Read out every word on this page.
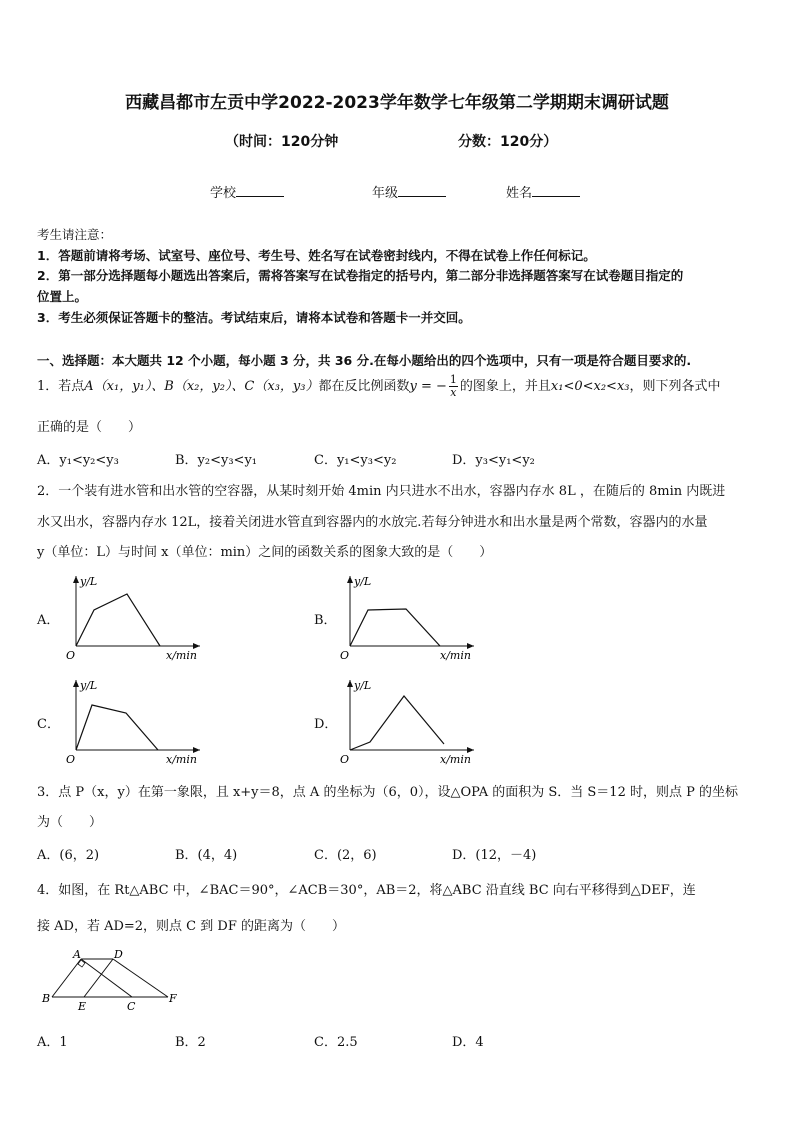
西藏昌都市左贡中学2022-2023学年数学七年级第二学期期末调研试题
（时间：120分钟	分数：120分）
学校	年级	姓名
考生请注意：
1．答题前请将考场、试室号、座位号、考生号、姓名写在试卷密封线内，不得在试卷上作任何标记。
2．第一部分选择题每小题选出答案后，需将答案写在试卷指定的括号内，第二部分非选择题答案写在试卷题目指定的
位置上。
3．考生必须保证答题卡的整洁。考试结束后，请将本试卷和答题卡一并交回。
一、选择题：本大题共 12 个小题，每小题 3 分，共 36 分.在每小题给出的四个选项中，只有一项是符合题目要求的.
1．若点A（x₁，y₁）、B（x₂，y₂）、C（x₃，y₃）都在反比例函数y = − $\frac{1}{x}$ 的图象上，并且x₁<0<x₂<x₃，则下列各式中
正确的是（　　）
A．y₁<y₂<y₃	B．y₂<y₃<y₁	C．y₁<y₃<y₂	D．y₃<y₁<y₂
2．一个装有进水管和出水管的空容器，从某时刻开始 4min 内只进水不出水，容器内存水 8L ，在随后的 8min 内既进
水又出水，容器内存水 12L，接着关闭进水管直到容器内的水放完.若每分钟进水和出水量是两个常数，容器内的水量
y（单位：L）与时间 x（单位：min）之间的函数关系的图象大致的是（　　）
A．	B．
C．	D．
y/L
x/min
O
y/L
x/min
O
y/L
x/min
O
y/L
x/min
O
3．点 P（x，y）在第一象限，且 x+y＝8，点 A 的坐标为（6，0），设△OPA 的面积为 S．当 S＝12 时，则点 P 的坐标
为（　　）
A．(6，2)	B．(4，4)	C．(2，6)	D．(12，－4)
4．如图，在 Rt△ABC 中，∠BAC＝90°，∠ACB＝30°，AB＝2，将△ABC 沿直线 BC 向右平移得到△DEF，连
接 AD，若 AD=2，则点 C 到 DF 的距离为（　　）
A	D
B	F
E	C
A．1	B．2	C．2.5	D．4
